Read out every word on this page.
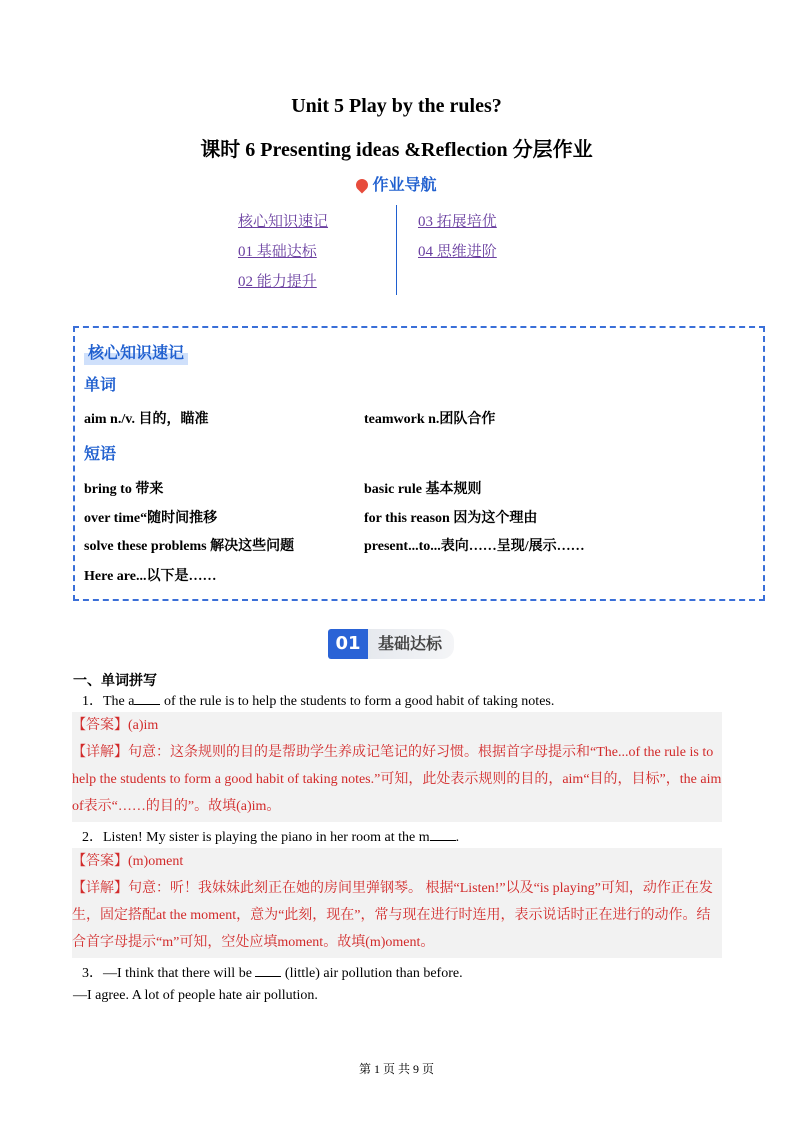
Unit 5 Play by the rules?
课时 6 Presenting ideas &Reflection 分层作业
作业导航
核心知识速记
01 基础达标
02 能力提升
03 拓展培优
04 思维进阶
核心知识速记
单词
aim n./v. 目的，瞄准	teamwork n.团队合作
短语
bring to 带来	basic rule 基本规则
over time“随时间推移	for this reason 因为这个理由
solve these problems 解决这些问题	present...to...表向……呈现/展示……
Here are...以下是……
01	基础达标
一、单词拼写
1．The a of the rule is to help the students to form a good habit of taking notes.
【答案】(a)im
【详解】句意：这条规则的目的是帮助学生养成记笔记的好习惯。根据首字母提示和“The...of the rule is to
help the students to form a good habit of taking notes.”可知，此处表示规则的目的，aim“目的，目标”，the aim
of表示“……的目的”。故填(a)im。
2．Listen! My sister is playing the piano in her room at the m .
【答案】(m)oment
【详解】句意：听！我妹妹此刻正在她的房间里弹钢琴。 根据“Listen!”以及“is playing”可知，动作正在发
生，固定搭配at the moment，意为“此刻，现在”，常与现在进行时连用，表示说话时正在进行的动作。结
合首字母提示“m”可知，空处应填moment。故填(m)oment。
3．—I think that there will be  (little) air pollution than before.
—I agree. A lot of people hate air pollution.
第 1 页 共 9 页
